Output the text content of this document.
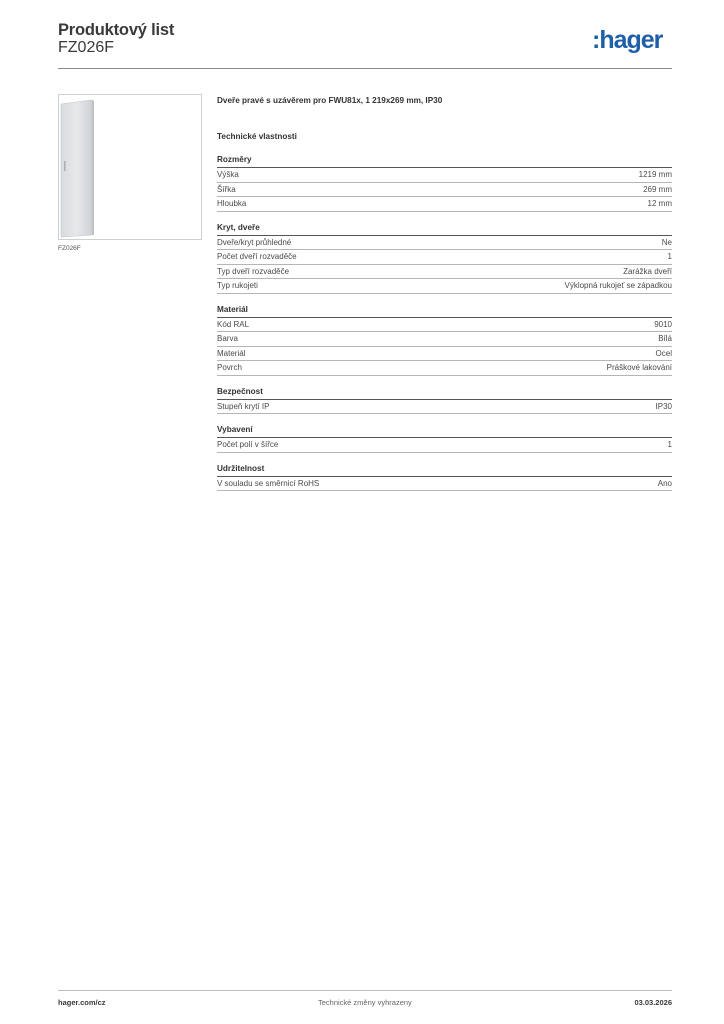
Produktový list
FZ026F	:hager
FZ026F

Dveře pravé s uzávěrem pro FWU81x, 1 219x269 mm, IP30

Technické vlastnosti

Rozměry
Výška	1219 mm
Šířka	269 mm
Hloubka	12 mm
Kryt, dveře
Dveře/kryt průhledné	Ne
Počet dveří rozvaděče	1
Typ dveří rozvaděče	Zarážka dveří
Typ rukojeti	Výklopná rukojeť se západkou
Materiál
Kód RAL	9010
Barva	Bílá
Materiál	Ocel
Povrch	Práškové lakování
Bezpečnost
Stupeň krytí IP	IP30
Vybavení
Počet polí v šířce	1
Udržitelnost
V souladu se směrnicí RoHS	Ano
hager.com/cz	Technické změny vyhrazeny	03.03.2026
